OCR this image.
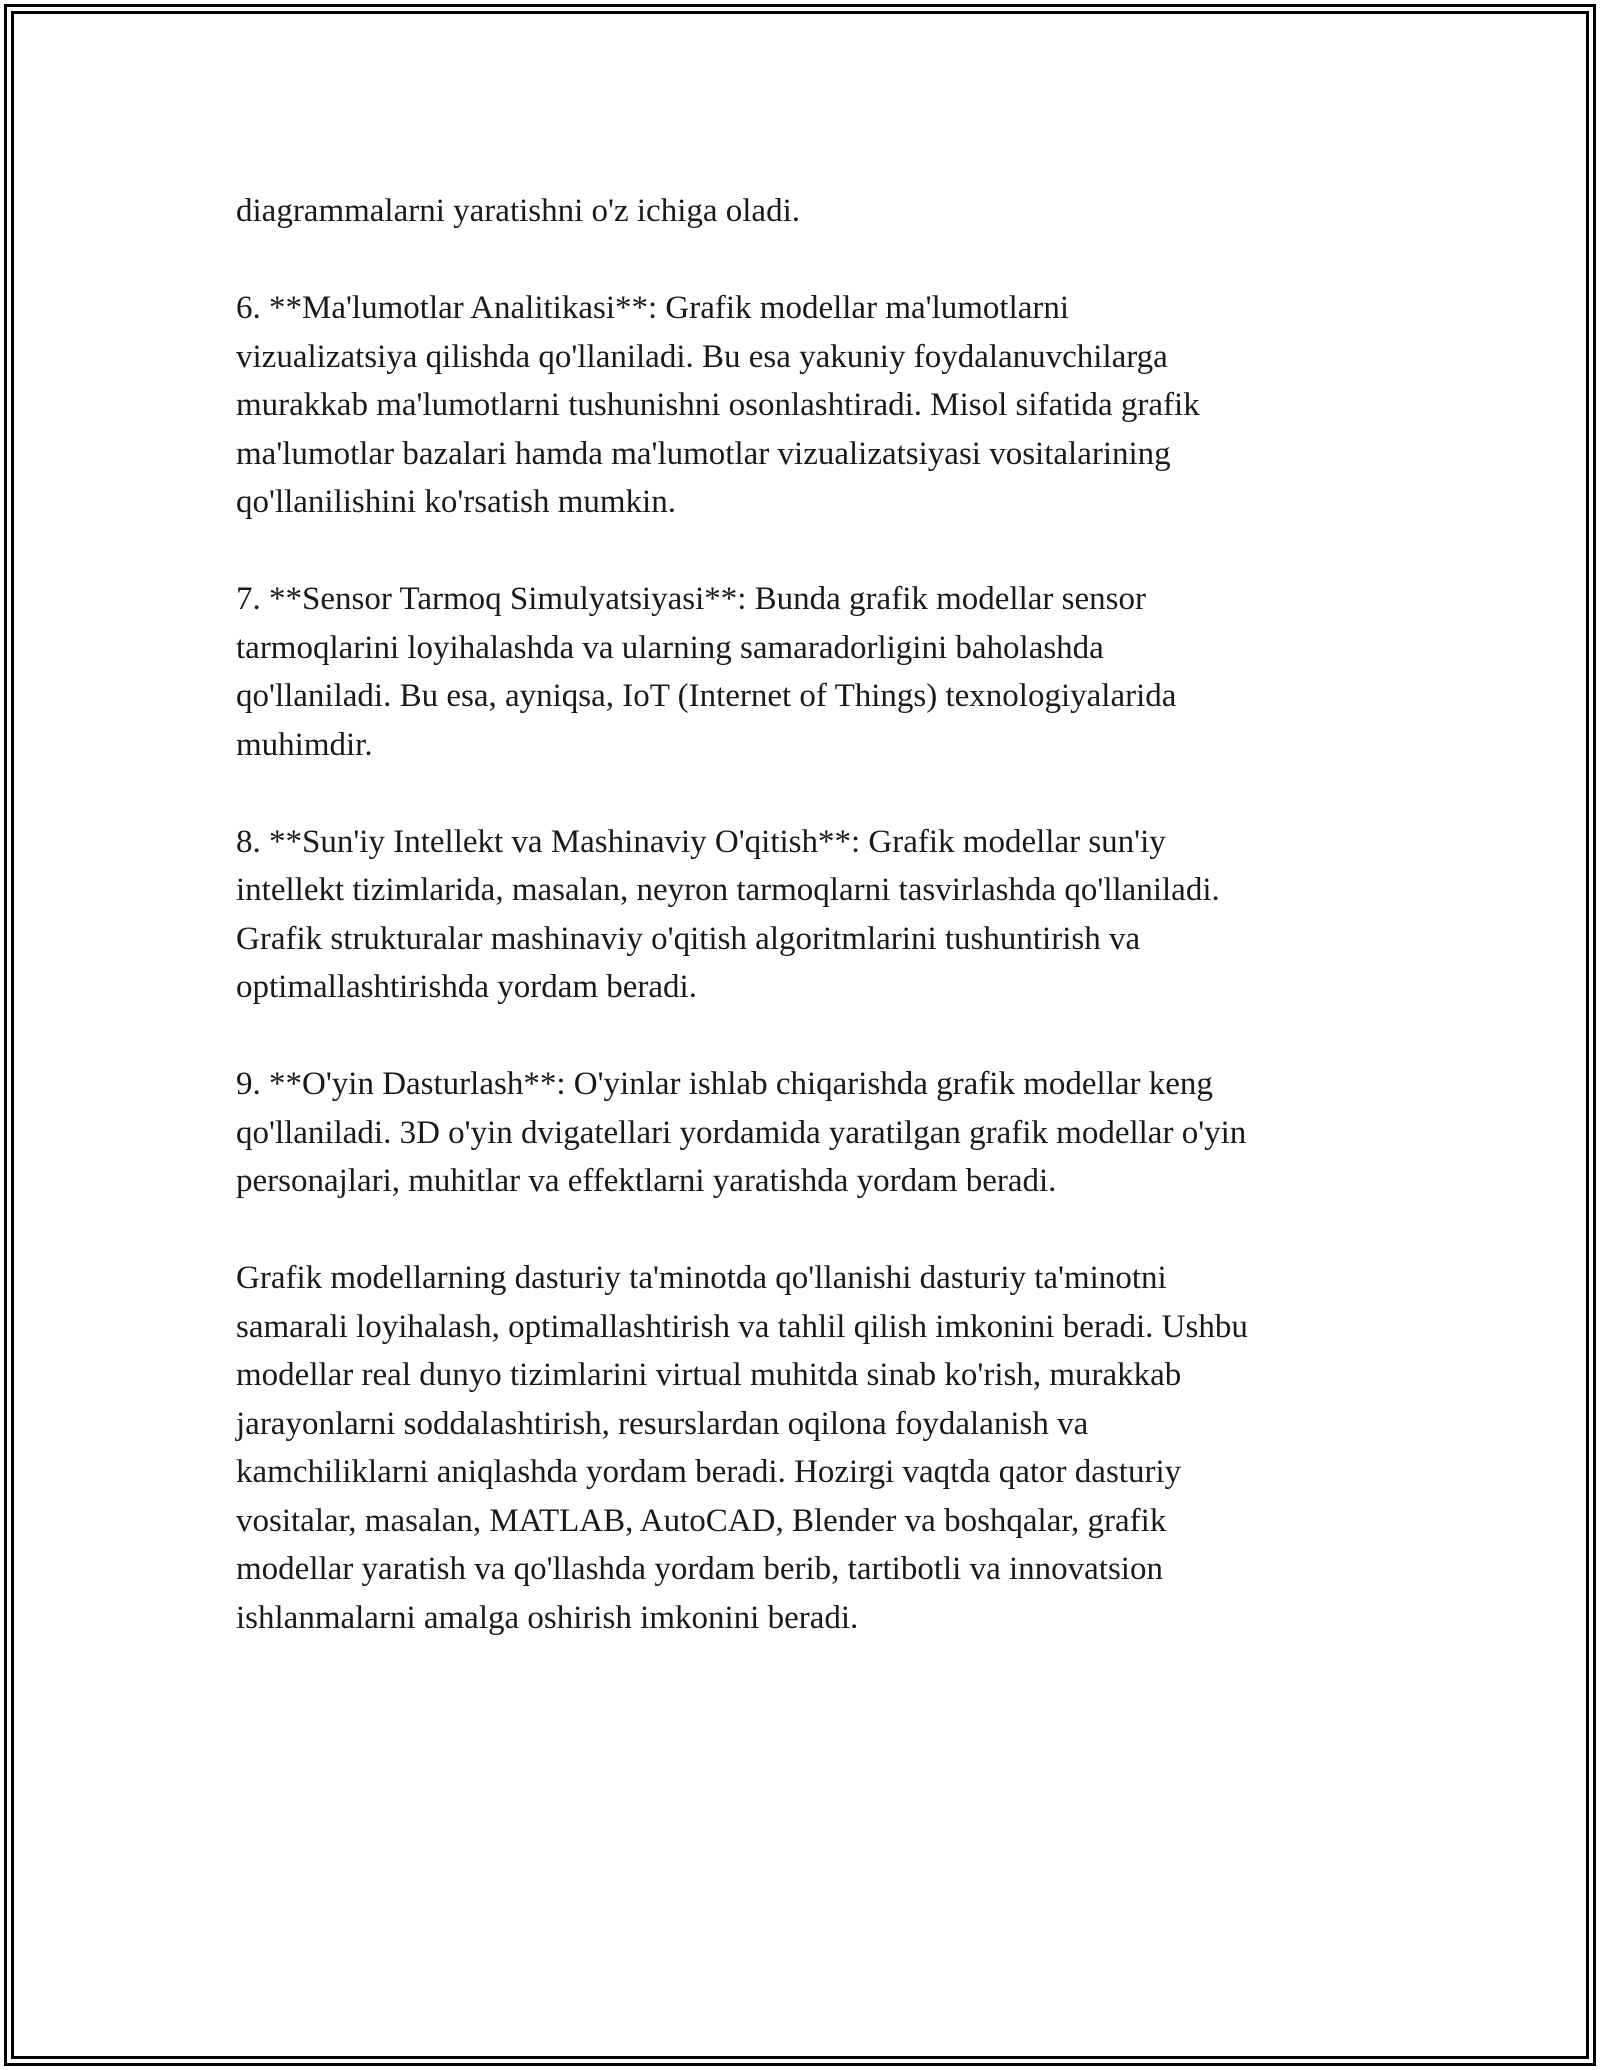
diagrammalarni yaratishni o'z ichiga oladi.

6. **Ma'lumotlar Analitikasi**: Grafik modellar ma'lumotlarni
vizualizatsiya qilishda qo'llaniladi. Bu esa yakuniy foydalanuvchilarga
murakkab ma'lumotlarni tushunishni osonlashtiradi. Misol sifatida grafik
ma'lumotlar bazalari hamda ma'lumotlar vizualizatsiyasi vositalarining
qo'llanilishini ko'rsatish mumkin.

7. **Sensor Tarmoq Simulyatsiyasi**: Bunda grafik modellar sensor
tarmoqlarini loyihalashda va ularning samaradorligini baholashda
qo'llaniladi. Bu esa, ayniqsa, IoT (Internet of Things) texnologiyalarida
muhimdir.

8. **Sun'iy Intellekt va Mashinaviy O'qitish**: Grafik modellar sun'iy
intellekt tizimlarida, masalan, neyron tarmoqlarni tasvirlashda qo'llaniladi.
Grafik strukturalar mashinaviy o'qitish algoritmlarini tushuntirish va
optimallashtirishda yordam beradi.

9. **O'yin Dasturlash**: O'yinlar ishlab chiqarishda grafik modellar keng
qo'llaniladi. 3D o'yin dvigatellari yordamida yaratilgan grafik modellar o'yin
personajlari, muhitlar va effektlarni yaratishda yordam beradi.

Grafik modellarning dasturiy ta'minotda qo'llanishi dasturiy ta'minotni
samarali loyihalash, optimallashtirish va tahlil qilish imkonini beradi. Ushbu
modellar real dunyo tizimlarini virtual muhitda sinab ko'rish, murakkab
jarayonlarni soddalashtirish, resurslardan oqilona foydalanish va
kamchiliklarni aniqlashda yordam beradi. Hozirgi vaqtda qator dasturiy
vositalar, masalan, MATLAB, AutoCAD, Blender va boshqalar, grafik
modellar yaratish va qo'llashda yordam berib, tartibotli va innovatsion
ishlanmalarni amalga oshirish imkonini beradi.
